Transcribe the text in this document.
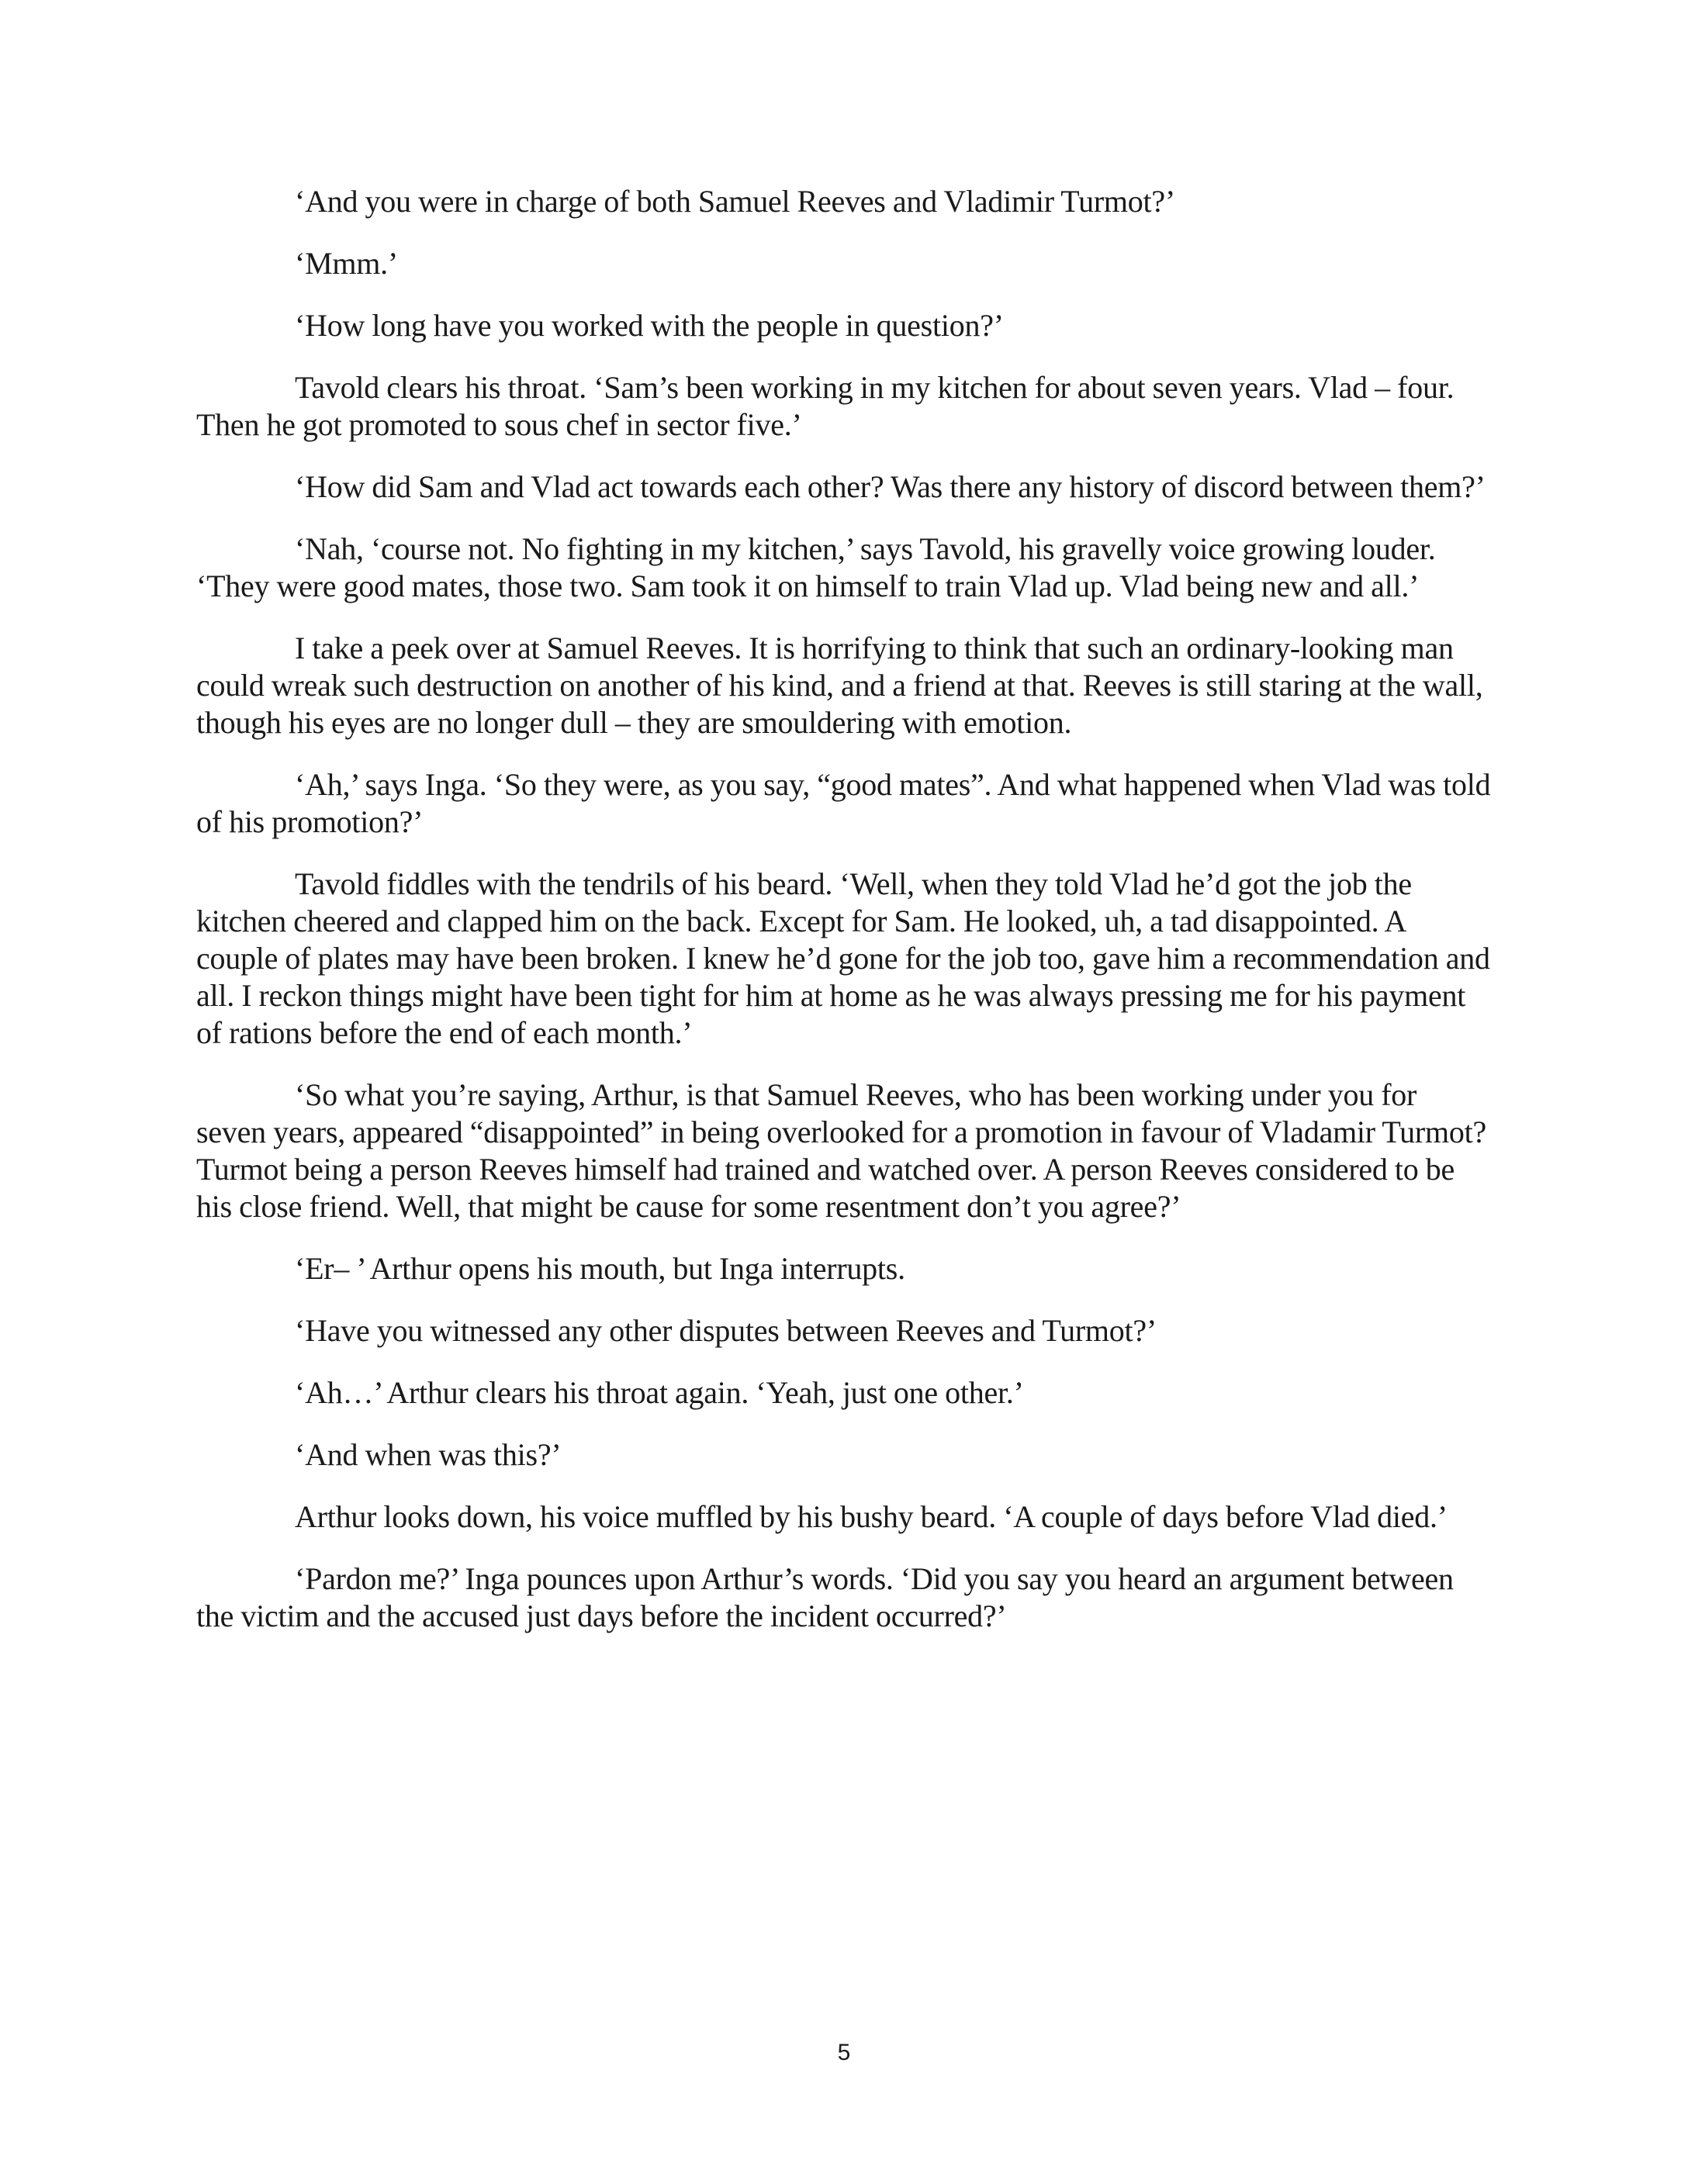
‘And you were in charge of both Samuel Reeves and Vladimir Turmot?’

‘Mmm.’

‘How long have you worked with the people in question?’

Tavold clears his throat. ‘Sam’s been working in my kitchen for about seven years. Vlad – four. Then he got promoted to sous chef in sector five.’

‘How did Sam and Vlad act towards each other? Was there any history of discord between them?’

‘Nah, ‘course not. No fighting in my kitchen,’ says Tavold, his gravelly voice growing louder. ‘They were good mates, those two. Sam took it on himself to train Vlad up. Vlad being new and all.’

I take a peek over at Samuel Reeves. It is horrifying to think that such an ordinary-looking man could wreak such destruction on another of his kind, and a friend at that. Reeves is still staring at the wall, though his eyes are no longer dull – they are smouldering with emotion.

‘Ah,’ says Inga. ‘So they were, as you say, “good mates”. And what happened when Vlad was told of his promotion?’

Tavold fiddles with the tendrils of his beard. ‘Well, when they told Vlad he’d got the job the kitchen cheered and clapped him on the back. Except for Sam. He looked, uh, a tad disappointed. A couple of plates may have been broken. I knew he’d gone for the job too, gave him a recommendation and all. I reckon things might have been tight for him at home as he was always pressing me for his payment of rations before the end of each month.’

‘So what you’re saying, Arthur, is that Samuel Reeves, who has been working under you for seven years, appeared “disappointed” in being overlooked for a promotion in favour of Vladamir Turmot? Turmot being a person Reeves himself had trained and watched over. A person Reeves considered to be his close friend. Well, that might be cause for some resentment don’t you agree?’

‘Er– ’ Arthur opens his mouth, but Inga interrupts.

‘Have you witnessed any other disputes between Reeves and Turmot?’

‘Ah…’ Arthur clears his throat again. ‘Yeah, just one other.’

‘And when was this?’

Arthur looks down, his voice muffled by his bushy beard. ‘A couple of days before Vlad died.’

‘Pardon me?’ Inga pounces upon Arthur’s words. ‘Did you say you heard an argument between the victim and the accused just days before the incident occurred?’

5
